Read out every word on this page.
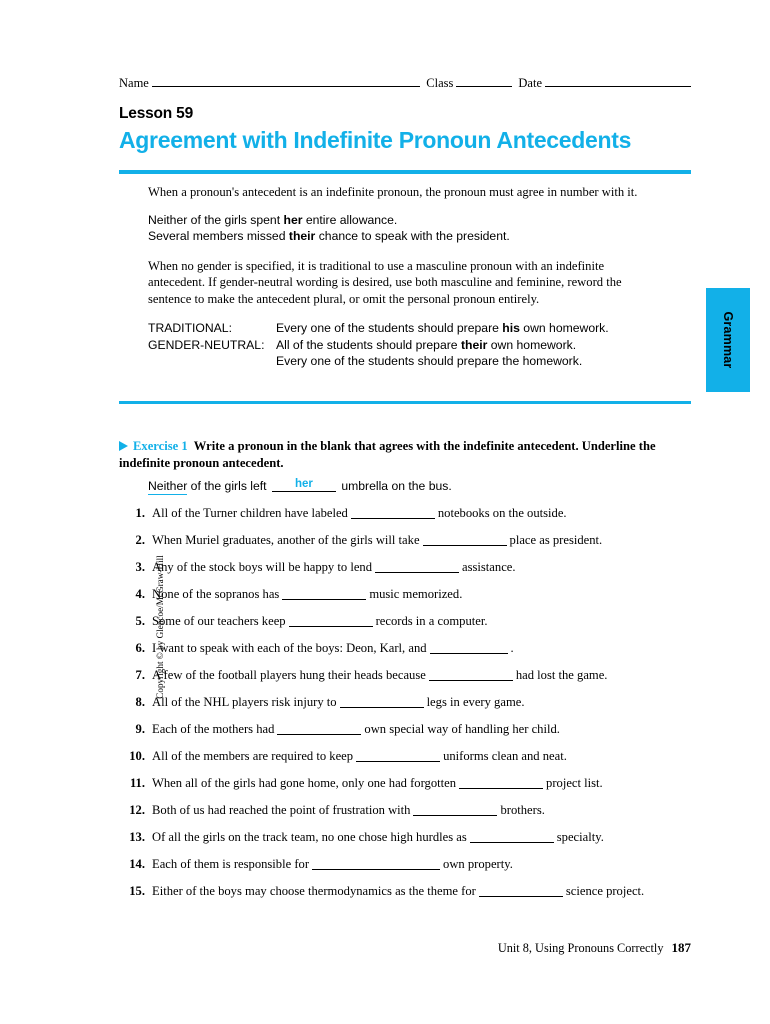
Name	Class	Date
Lesson 59
Agreement with Indefinite Pronoun Antecedents

When a pronoun's antecedent is an indefinite pronoun, the pronoun must agree in number with it.

Neither of the girls spent her entire allowance.

Several members missed their chance to speak with the president.

When no gender is specified, it is traditional to use a masculine pronoun with an indefinite antecedent. If gender-neutral wording is desired, use both masculine and feminine, reword the sentence to make the antecedent plural, or omit the personal pronoun entirely.

TRADITIONAL:	Every one of the students should prepare his own homework.
GENDER-NEUTRAL: All of the students should prepare their own homework.
Every one of the students should prepare the homework.	Grammar
Copyright © by Glencoe/McGraw-Hill
Exercise 1 Write a pronoun in the blank that agrees with the indefinite antecedent. Underline the indefinite pronoun antecedent.
Neither of the girls left	her	umbrella on the bus.
1. All of the Turner children have labeled	notebooks on the outside.
2. When Muriel graduates, another of the girls will take	place as president.
3. Any of the stock boys will be happy to lend	assistance.
4. None of the sopranos has	music memorized.
5. Some of our teachers keep	records in a computer.
6. I want to speak with each of the boys: Deon, Karl, and	.
7. A few of the football players hung their heads because	had lost the game.
8. All of the NHL players risk injury to	legs in every game.
9. Each of the mothers had	own special way of handling her child.
10. All of the members are required to keep	uniforms clean and neat.
11. When all of the girls had gone home, only one had forgotten	project list.
12. Both of us had reached the point of frustration with	brothers.
13. Of all the girls on the track team, no one chose high hurdles as	specialty.
14. Each of them is responsible for	own property.
15. Either of the boys may choose thermodynamics as the theme for	science project.
Unit 8, Using Pronouns Correctly 187
